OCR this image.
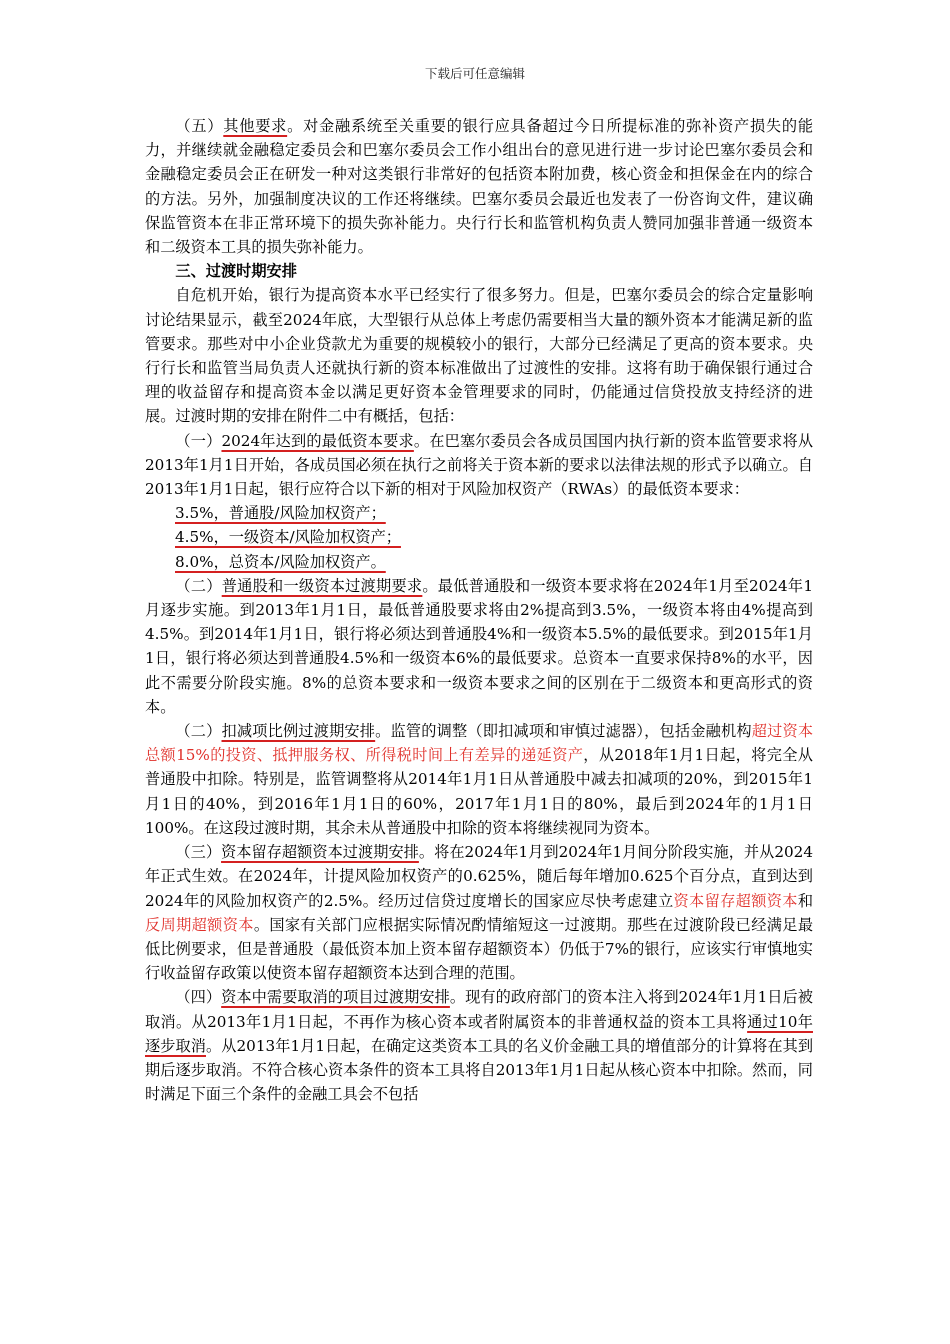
下载后可任意编辑

（五）其他要求。对金融系统至关重要的银行应具备超过今日所提标准的弥补资产损失的能力，并继续就金融稳定委员会和巴塞尔委员会工作小组出台的意见进行进一步讨论巴塞尔委员会和金融稳定委员会正在研发一种对这类银行非常好的包括资本附加费，核心资金和担保金在内的综合的方法。另外，加强制度决议的工作还将继续。巴塞尔委员会最近也发表了一份咨询文件，建议确保监管资本在非正常环境下的损失弥补能力。央行行长和监管机构负责人赞同加强非普通一级资本和二级资本工具的损失弥补能力。

三、过渡时期安排

自危机开始，银行为提高资本水平已经实行了很多努力。但是，巴塞尔委员会的综合定量影响讨论结果显示，截至2024年底，大型银行从总体上考虑仍需要相当大量的额外资本才能满足新的监管要求。那些对中小企业贷款尤为重要的规模较小的银行，大部分已经满足了更高的资本要求。央行行长和监管当局负责人还就执行新的资本标准做出了过渡性的安排。这将有助于确保银行通过合理的收益留存和提高资本金以满足更好资本金管理要求的同时，仍能通过信贷投放支持经济的进展。过渡时期的安排在附件二中有概括，包括：

（一）2024年达到的最低资本要求。在巴塞尔委员会各成员国国内执行新的资本监管要求将从2013年1月1日开始，各成员国必须在执行之前将关于资本新的要求以法律法规的形式予以确立。自2013年1月1日起，银行应符合以下新的相对于风险加权资产（RWAs）的最低资本要求：

3.5%，普通股/风险加权资产；

4.5%，一级资本/风险加权资产；

8.0%，总资本/风险加权资产。

（二）普通股和一级资本过渡期要求。最低普通股和一级资本要求将在2024年1月至2024年1月逐步实施。到2013年1月1日，最低普通股要求将由2%提高到3.5%，一级资本将由4%提高到4.5%。到2014年1月1日，银行将必须达到普通股4%和一级资本5.5%的最低要求。到2015年1月1日，银行将必须达到普通股4.5%和一级资本6%的最低要求。总资本一直要求保持8%的水平，因此不需要分阶段实施。8%的总资本要求和一级资本要求之间的区别在于二级资本和更高形式的资本。

（二）扣减项比例过渡期安排。监管的调整（即扣减项和审慎过滤器），包括金融机构超过资本总额15%的投资、抵押服务权、所得税时间上有差异的递延资产，从2018年1月1日起，将完全从普通股中扣除。特别是，监管调整将从2014年1月1日从普通股中减去扣减项的20%，到2015年1月1日的40%，到2016年1月1日的60%，2017年1月1日的80%，最后到2024年的1月1日100%。在这段过渡时期，其余未从普通股中扣除的资本将继续视同为资本。

（三）资本留存超额资本过渡期安排。将在2024年1月到2024年1月间分阶段实施，并从2024年正式生效。在2024年，计提风险加权资产的0.625%，随后每年增加0.625个百分点，直到达到2024年的风险加权资产的2.5%。经历过信贷过度增长的国家应尽快考虑建立资本留存超额资本和反周期超额资本。国家有关部门应根据实际情况酌情缩短这一过渡期。那些在过渡阶段已经满足最低比例要求，但是普通股（最低资本加上资本留存超额资本）仍低于7%的银行，应该实行审慎地实行收益留存政策以使资本留存超额资本达到合理的范围。

（四）资本中需要取消的项目过渡期安排。现有的政府部门的资本注入将到2024年1月1日后被取消。从2013年1月1日起，不再作为核心资本或者附属资本的非普通权益的资本工具将通过10年逐步取消。从2013年1月1日起，在确定这类资本工具的名义价金融工具的增值部分的计算将在其到期后逐步取消。不符合核心资本条件的资本工具将自2013年1月1日起从核心资本中扣除。然而，同时满足下面三个条件的金融工具会不包括
